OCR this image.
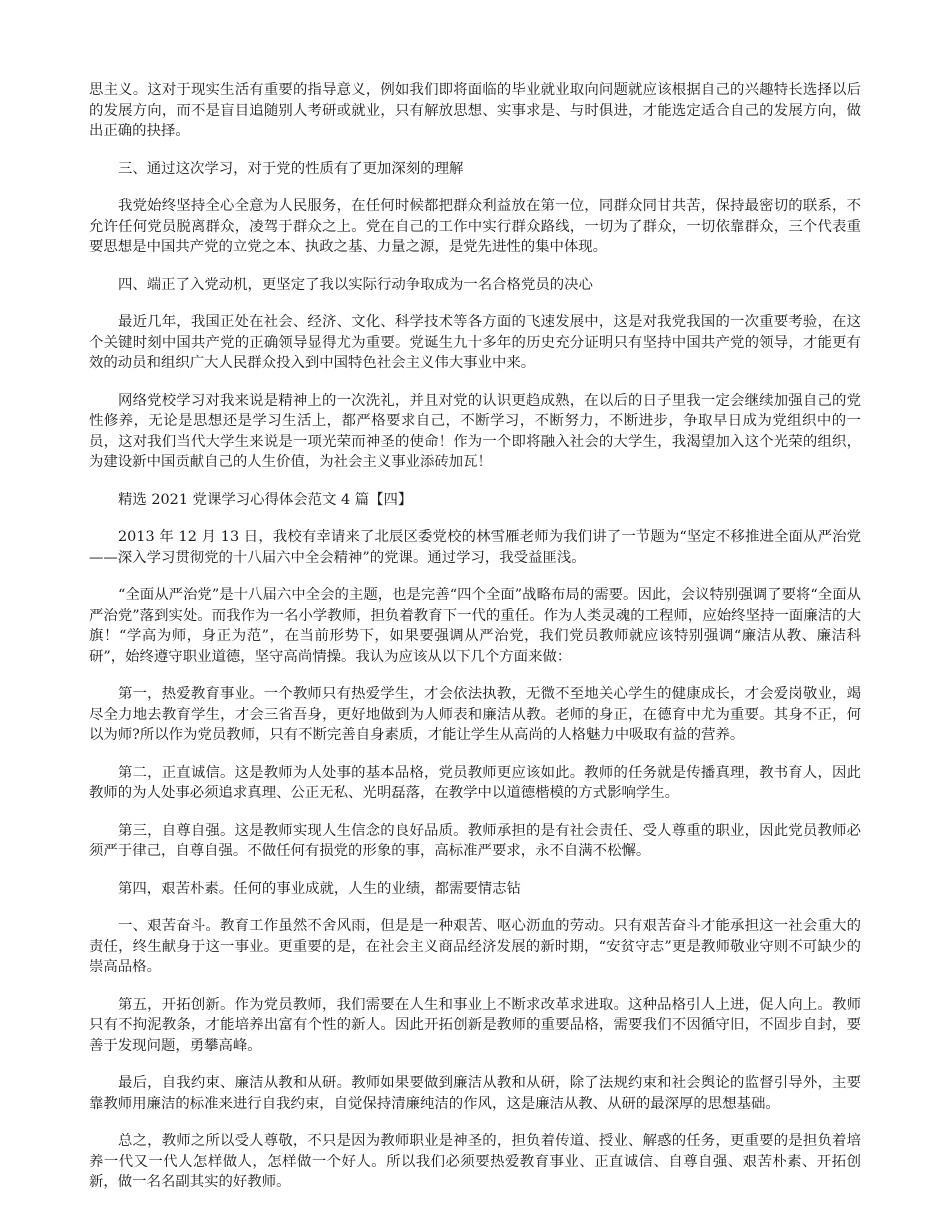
思主义。这对于现实生活有重要的指导意义，例如我们即将面临的毕业就业取向问题就应该根据自己的兴趣特长选择以后的发展方向，而不是盲目追随别人考研或就业，只有解放思想、实事求是、与时俱进，才能选定适合自己的发展方向，做出正确的抉择。

三、通过这次学习，对于党的性质有了更加深刻的理解

我党始终坚持全心全意为人民服务，在任何时候都把群众利益放在第一位，同群众同甘共苦，保持最密切的联系，不允许任何党员脱离群众，凌驾于群众之上。党在自己的工作中实行群众路线，一切为了群众，一切依靠群众，三个代表重要思想是中国共产党的立党之本、执政之基、力量之源，是党先进性的集中体现。

四、端正了入党动机，更坚定了我以实际行动争取成为一名合格党员的决心

最近几年，我国正处在社会、经济、文化、科学技术等各方面的飞速发展中，这是对我党我国的一次重要考验，在这个关键时刻中国共产党的正确领导显得尤为重要。党诞生九十多年的历史充分证明只有坚持中国共产党的领导，才能更有效的动员和组织广大人民群众投入到中国特色社会主义伟大事业中来。

网络党校学习对我来说是精神上的一次洗礼，并且对党的认识更趋成熟，在以后的日子里我一定会继续加强自己的党性修养，无论是思想还是学习生活上，都严格要求自己，不断学习，不断努力，不断进步，争取早日成为党组织中的一员，这对我们当代大学生来说是一项光荣而神圣的使命！作为一个即将融入社会的大学生，我渴望加入这个光荣的组织，为建设新中国贡献自己的人生价值，为社会主义事业添砖加瓦！

精选 2021 党课学习心得体会范文 4 篇【四】

2013 年 12 月 13 日，我校有幸请来了北辰区委党校的林雪雁老师为我们讲了一节题为“坚定不移推进全面从严治党——深入学习贯彻党的十八届六中全会精神”的党课。通过学习，我受益匪浅。

“全面从严治党”是十八届六中全会的主题，也是完善“四个全面”战略布局的需要。因此，会议特别强调了要将“全面从严治党”落到实处。而我作为一名小学教师，担负着教育下一代的重任。作为人类灵魂的工程师，应始终坚持一面廉洁的大旗！“学高为师，身正为范”，在当前形势下，如果要强调从严治党，我们党员教师就应该特别强调“廉洁从教、廉洁科研”，始终遵守职业道德，坚守高尚情操。我认为应该从以下几个方面来做：

第一，热爱教育事业。一个教师只有热爱学生，才会依法执教，无微不至地关心学生的健康成长，才会爱岗敬业，竭尽全力地去教育学生，才会三省吾身，更好地做到为人师表和廉洁从教。老师的身正，在德育中尤为重要。其身不正，何以为师?所以作为党员教师，只有不断完善自身素质，才能让学生从高尚的人格魅力中吸取有益的营养。

第二，正直诚信。这是教师为人处事的基本品格，党员教师更应该如此。教师的任务就是传播真理，教书育人，因此教师的为人处事必须追求真理、公正无私、光明磊落，在教学中以道德楷模的方式影响学生。

第三，自尊自强。这是教师实现人生信念的良好品质。教师承担的是有社会责任、受人尊重的职业，因此党员教师必须严于律己，自尊自强。不做任何有损党的形象的事，高标准严要求，永不自满不松懈。

第四，艰苦朴素。任何的事业成就，人生的业绩，都需要情志钻

一、艰苦奋斗。教育工作虽然不舍风雨，但是是一种艰苦、呕心沥血的劳动。只有艰苦奋斗才能承担这一社会重大的责任，终生献身于这一事业。更重要的是，在社会主义商品经济发展的新时期，“安贫守志”更是教师敬业守则不可缺少的崇高品格。

第五，开拓创新。作为党员教师，我们需要在人生和事业上不断求改革求进取。这种品格引人上进，促人向上。教师只有不拘泥教条，才能培养出富有个性的新人。因此开拓创新是教师的重要品格，需要我们不因循守旧，不固步自封，要善于发现问题，勇攀高峰。

最后，自我约束、廉洁从教和从研。教师如果要做到廉洁从教和从研，除了法规约束和社会舆论的监督引导外，主要靠教师用廉洁的标准来进行自我约束，自觉保持清廉纯洁的作风，这是廉洁从教、从研的最深厚的思想基础。

总之，教师之所以受人尊敬，不只是因为教师职业是神圣的，担负着传道、授业、解惑的任务，更重要的是担负着培养一代又一代人怎样做人，怎样做一个好人。所以我们必须要热爱教育事业、正直诚信、自尊自强、艰苦朴素、开拓创新，做一名名副其实的好教师。
